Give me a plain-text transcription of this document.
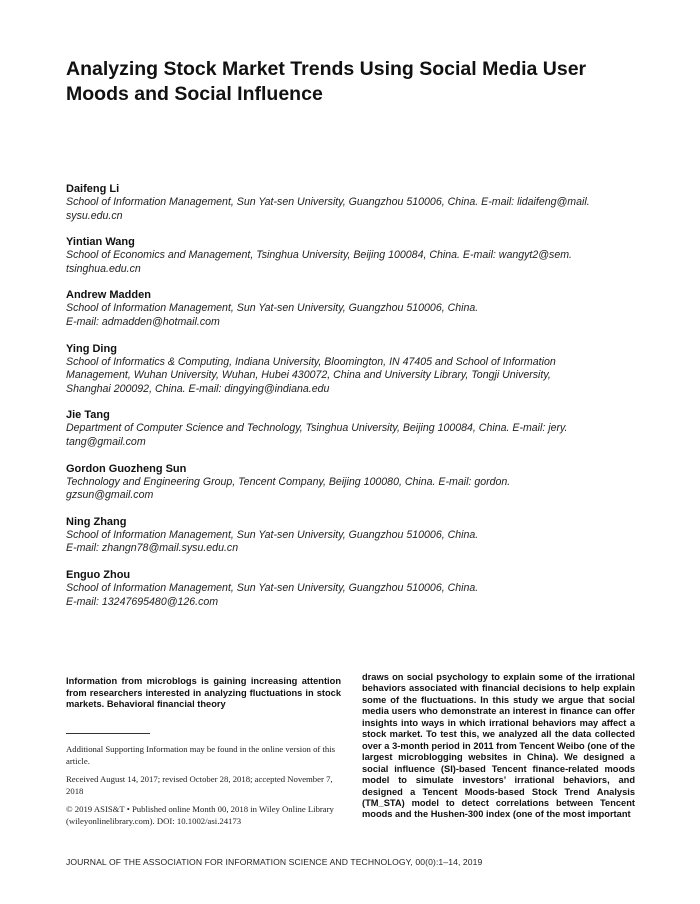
Analyzing Stock Market Trends Using Social Media User Moods and Social Influence
Daifeng Li
School of Information Management, Sun Yat-sen University, Guangzhou 510006, China. E-mail: lidaifeng@mail.
sysu.edu.cn
Yintian Wang
School of Economics and Management, Tsinghua University, Beijing 100084, China. E-mail: wangyt2@sem.
tsinghua.edu.cn
Andrew Madden
School of Information Management, Sun Yat-sen University, Guangzhou 510006, China.
E-mail: admadden@hotmail.com
Ying Ding
School of Informatics & Computing, Indiana University, Bloomington, IN 47405 and School of Information
Management, Wuhan University, Wuhan, Hubei 430072, China and University Library, Tongji University,
Shanghai 200092, China. E-mail: dingying@indiana.edu
Jie Tang
Department of Computer Science and Technology, Tsinghua University, Beijing 100084, China. E-mail: jery.
tang@gmail.com
Gordon Guozheng Sun
Technology and Engineering Group, Tencent Company, Beijing 100080, China. E-mail: gordon.
gzsun@gmail.com
Ning Zhang
School of Information Management, Sun Yat-sen University, Guangzhou 510006, China.
E-mail: zhangn78@mail.sysu.edu.cn
Enguo Zhou
School of Information Management, Sun Yat-sen University, Guangzhou 510006, China.
E-mail: 13247695480@126.com

Information from microblogs is gaining increasing attention from researchers interested in analyzing fluctuations in stock markets. Behavioral financial theory

draws on social psychology to explain some of the irrational behaviors associated with financial decisions to help explain some of the fluctuations. In this study we argue that social media users who demonstrate an interest in finance can offer insights into ways in which irrational behaviors may affect a stock market. To test this, we analyzed all the data collected over a 3-month period in 2011 from Tencent Weibo (one of the largest microblogging websites in China). We designed a social influence (SI)-based Tencent finance-related moods model to simulate investors’ irrational behaviors, and designed a Tencent Moods-based Stock Trend Analysis (TM_STA) model to detect correlations between Tencent moods and the Hushen-300 index (one of the most important

Additional Supporting Information may be found in the online version of this article.

Received August 14, 2017; revised October 28, 2018; accepted November 7, 2018

© 2019 ASIS&T • Published online Month 00, 2018 in Wiley Online Library (wileyonlinelibrary.com). DOI: 10.1002/asi.24173

JOURNAL OF THE ASSOCIATION FOR INFORMATION SCIENCE AND TECHNOLOGY, 00(0):1–14, 2019
